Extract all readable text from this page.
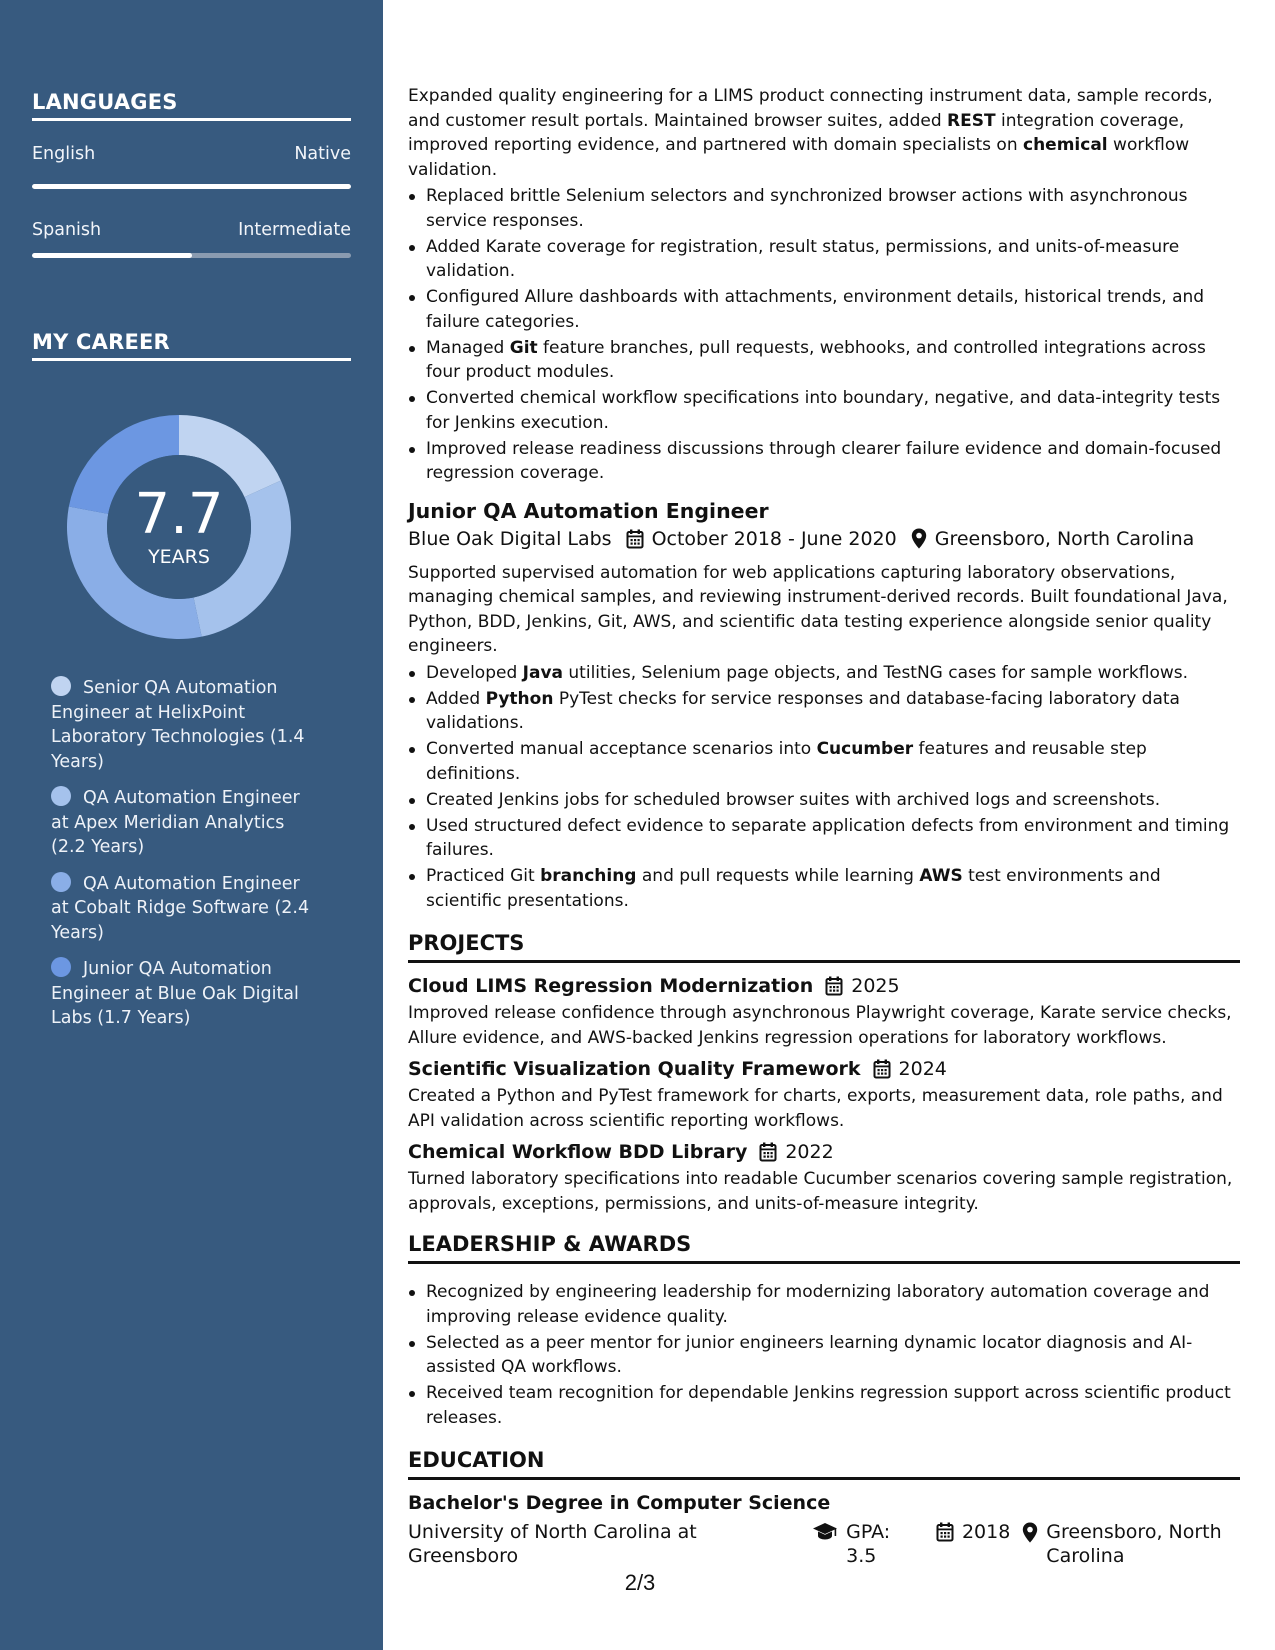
LANGUAGES
English	Native
Spanish	Intermediate
MY CAREER
7.7
YEARS
Senior QA Automation Engineer at HelixPoint Laboratory Technologies (1.4 Years)
QA Automation Engineer at Apex Meridian Analytics (2.2 Years)
QA Automation Engineer at Cobalt Ridge Software (2.4 Years)
Junior QA Automation Engineer at Blue Oak Digital Labs (1.7 Years)

Expanded quality engineering for a LIMS product connecting instrument data, sample records, and customer result portals. Maintained browser suites, added REST integration coverage, improved reporting evidence, and partnered with domain specialists on chemical workflow validation.

Replaced brittle Selenium selectors and synchronized browser actions with asynchronous service responses.
Added Karate coverage for registration, result status, permissions, and units-of-measure validation.
Configured Allure dashboards with attachments, environment details, historical trends, and failure categories.
Managed Git feature branches, pull requests, webhooks, and controlled integrations across four product modules.
Converted chemical workflow specifications into boundary, negative, and data-integrity tests for Jenkins execution.
Improved release readiness discussions through clearer failure evidence and domain-focused regression coverage.
Junior QA Automation Engineer
Blue Oak Digital Labs October 2018 - June 2020 Greensboro, North Carolina

Supported supervised automation for web applications capturing laboratory observations, managing chemical samples, and reviewing instrument-derived records. Built foundational Java, Python, BDD, Jenkins, Git, AWS, and scientific data testing experience alongside senior quality engineers.

Developed Java utilities, Selenium page objects, and TestNG cases for sample workflows.
Added Python PyTest checks for service responses and database-facing laboratory data validations.
Converted manual acceptance scenarios into Cucumber features and reusable step definitions.
Created Jenkins jobs for scheduled browser suites with archived logs and screenshots.
Used structured defect evidence to separate application defects from environment and timing failures.
Practiced Git branching and pull requests while learning AWS test environments and scientific presentations.
PROJECTS
Cloud LIMS Regression Modernization 2025

Improved release confidence through asynchronous Playwright coverage, Karate service checks, Allure evidence, and AWS-backed Jenkins regression operations for laboratory workflows.

Scientific Visualization Quality Framework 2024

Created a Python and PyTest framework for charts, exports, measurement data, role paths, and API validation across scientific reporting workflows.

Chemical Workflow BDD Library 2022

Turned laboratory specifications into readable Cucumber scenarios covering sample registration, approvals, exceptions, permissions, and units-of-measure integrity.

LEADERSHIP & AWARDS
Recognized by engineering leadership for modernizing laboratory automation coverage and improving release evidence quality.
Selected as a peer mentor for junior engineers learning dynamic locator diagnosis and AI-assisted QA workflows.
Received team recognition for dependable Jenkins regression support across scientific product releases.
EDUCATION
Bachelor's Degree in Computer Science
University of North Carolina at Greensboro
GPA: 3.5
2018 Greensboro, North Carolina
2/3
